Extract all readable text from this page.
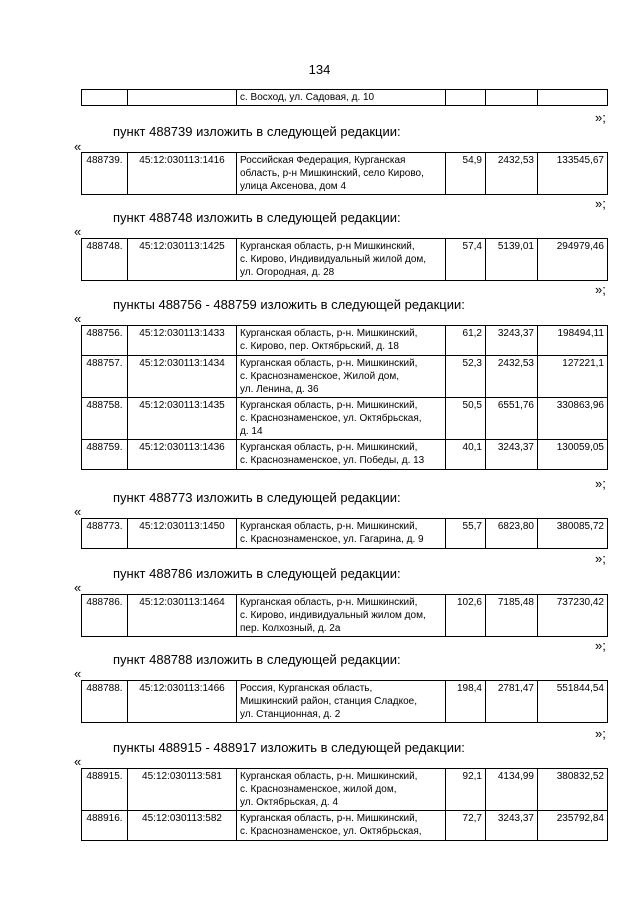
134
		с. Восход, ул. Садовая, д. 10			
»;
пункт 488739 изложить в следующей редакции:
«
488739.	45:12:030113:1416	Российская Федерация, Курганская область, р-н Мишкинский, село Кирово, улица Аксенова, дом 4	54,9	2432,53	133545,67
»;
пункт 488748 изложить в следующей редакции:
«
488748.	45:12:030113:1425	Курганская область, р-н Мишкинский,
с. Кирово, Индивидуальный жилой дом,
ул. Огородная, д. 28	57,4	5139,01	294979,46
»;
пункты 488756 - 488759 изложить в следующей редакции:
«
488756.	45:12:030113:1433	Курганская область, р-н. Мишкинский,
с. Кирово, пер. Октябрьский, д. 18	61,2	3243,37	198494,11
488757.	45:12:030113:1434	Курганская область, р-н. Мишкинский,
с. Краснознаменское, Жилой дом,
ул. Ленина, д. 36	52,3	2432,53	127221,1
488758.	45:12:030113:1435	Курганская область, р-н. Мишкинский,
с. Краснознаменское, ул. Октябрьская,
д. 14	50,5	6551,76	330863,96
488759.	45:12:030113:1436	Курганская область, р-н. Мишкинский,
с. Краснознаменское, ул. Победы, д. 13	40,1	3243,37	130059,05
»;
пункт 488773 изложить в следующей редакции:
«
488773.	45:12:030113:1450	Курганская область, р-н. Мишкинский,
с. Краснознаменское, ул. Гагарина, д. 9	55,7	6823,80	380085,72
»;
пункт 488786 изложить в следующей редакции:
«
488786.	45:12:030113:1464	Курганская область, р-н. Мишкинский,
с. Кирово, индивидуальный жилом дом,
пер. Колхозный, д. 2а	102,6	7185,48	737230,42
»;
пункт 488788 изложить в следующей редакции:
«
488788.	45:12:030113:1466	Россия, Курганская область,
Мишкинский район, станция Сладкое,
ул. Станционная, д. 2	198,4	2781,47	551844,54
»;
пункты 488915 - 488917 изложить в следующей редакции:
«
488915.	45:12:030113:581	Курганская область, р-н. Мишкинский,
с. Краснознаменское, жилой дом,
ул. Октябрьская, д. 4	92,1	4134,99	380832,52
488916.	45:12:030113:582	Курганская область, р-н. Мишкинский,
с. Краснознаменское, ул. Октябрьская,	72,7	3243,37	235792,84
